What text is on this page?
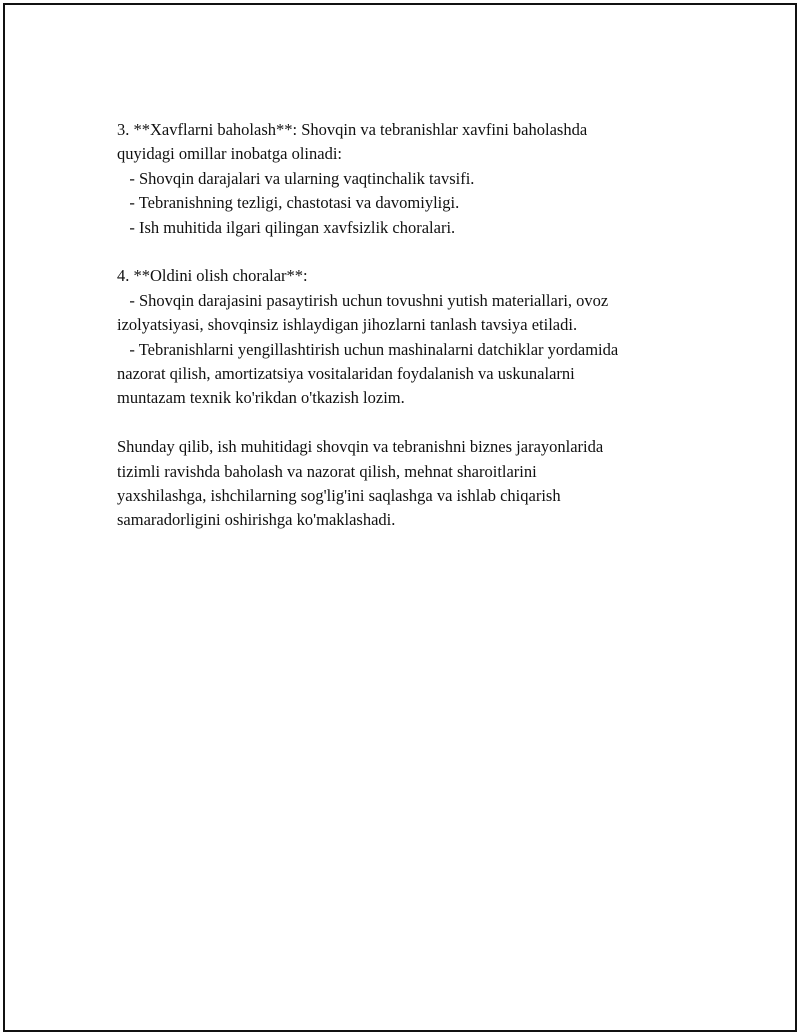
3. **Xavflarni baholash**: Shovqin va tebranishlar xavfini baholashda
quyidagi omillar inobatga olinadi:
- Shovqin darajalari va ularning vaqtinchalik tavsifi.
- Tebranishning tezligi, chastotasi va davomiyligi.
- Ish muhitida ilgari qilingan xavfsizlik choralari.
4. **Oldini olish choralar**:
- Shovqin darajasini pasaytirish uchun tovushni yutish materiallari, ovoz
izolyatsiyasi, shovqinsiz ishlaydigan jihozlarni tanlash tavsiya etiladi.
- Tebranishlarni yengillashtirish uchun mashinalarni datchiklar yordamida
nazorat qilish, amortizatsiya vositalaridan foydalanish va uskunalarni
muntazam texnik ko'rikdan o'tkazish lozim.
Shunday qilib, ish muhitidagi shovqin va tebranishni biznes jarayonlarida
tizimli ravishda baholash va nazorat qilish, mehnat sharoitlarini
yaxshilashga, ishchilarning sog'lig'ini saqlashga va ishlab chiqarish
samaradorligini oshirishga ko'maklashadi.
